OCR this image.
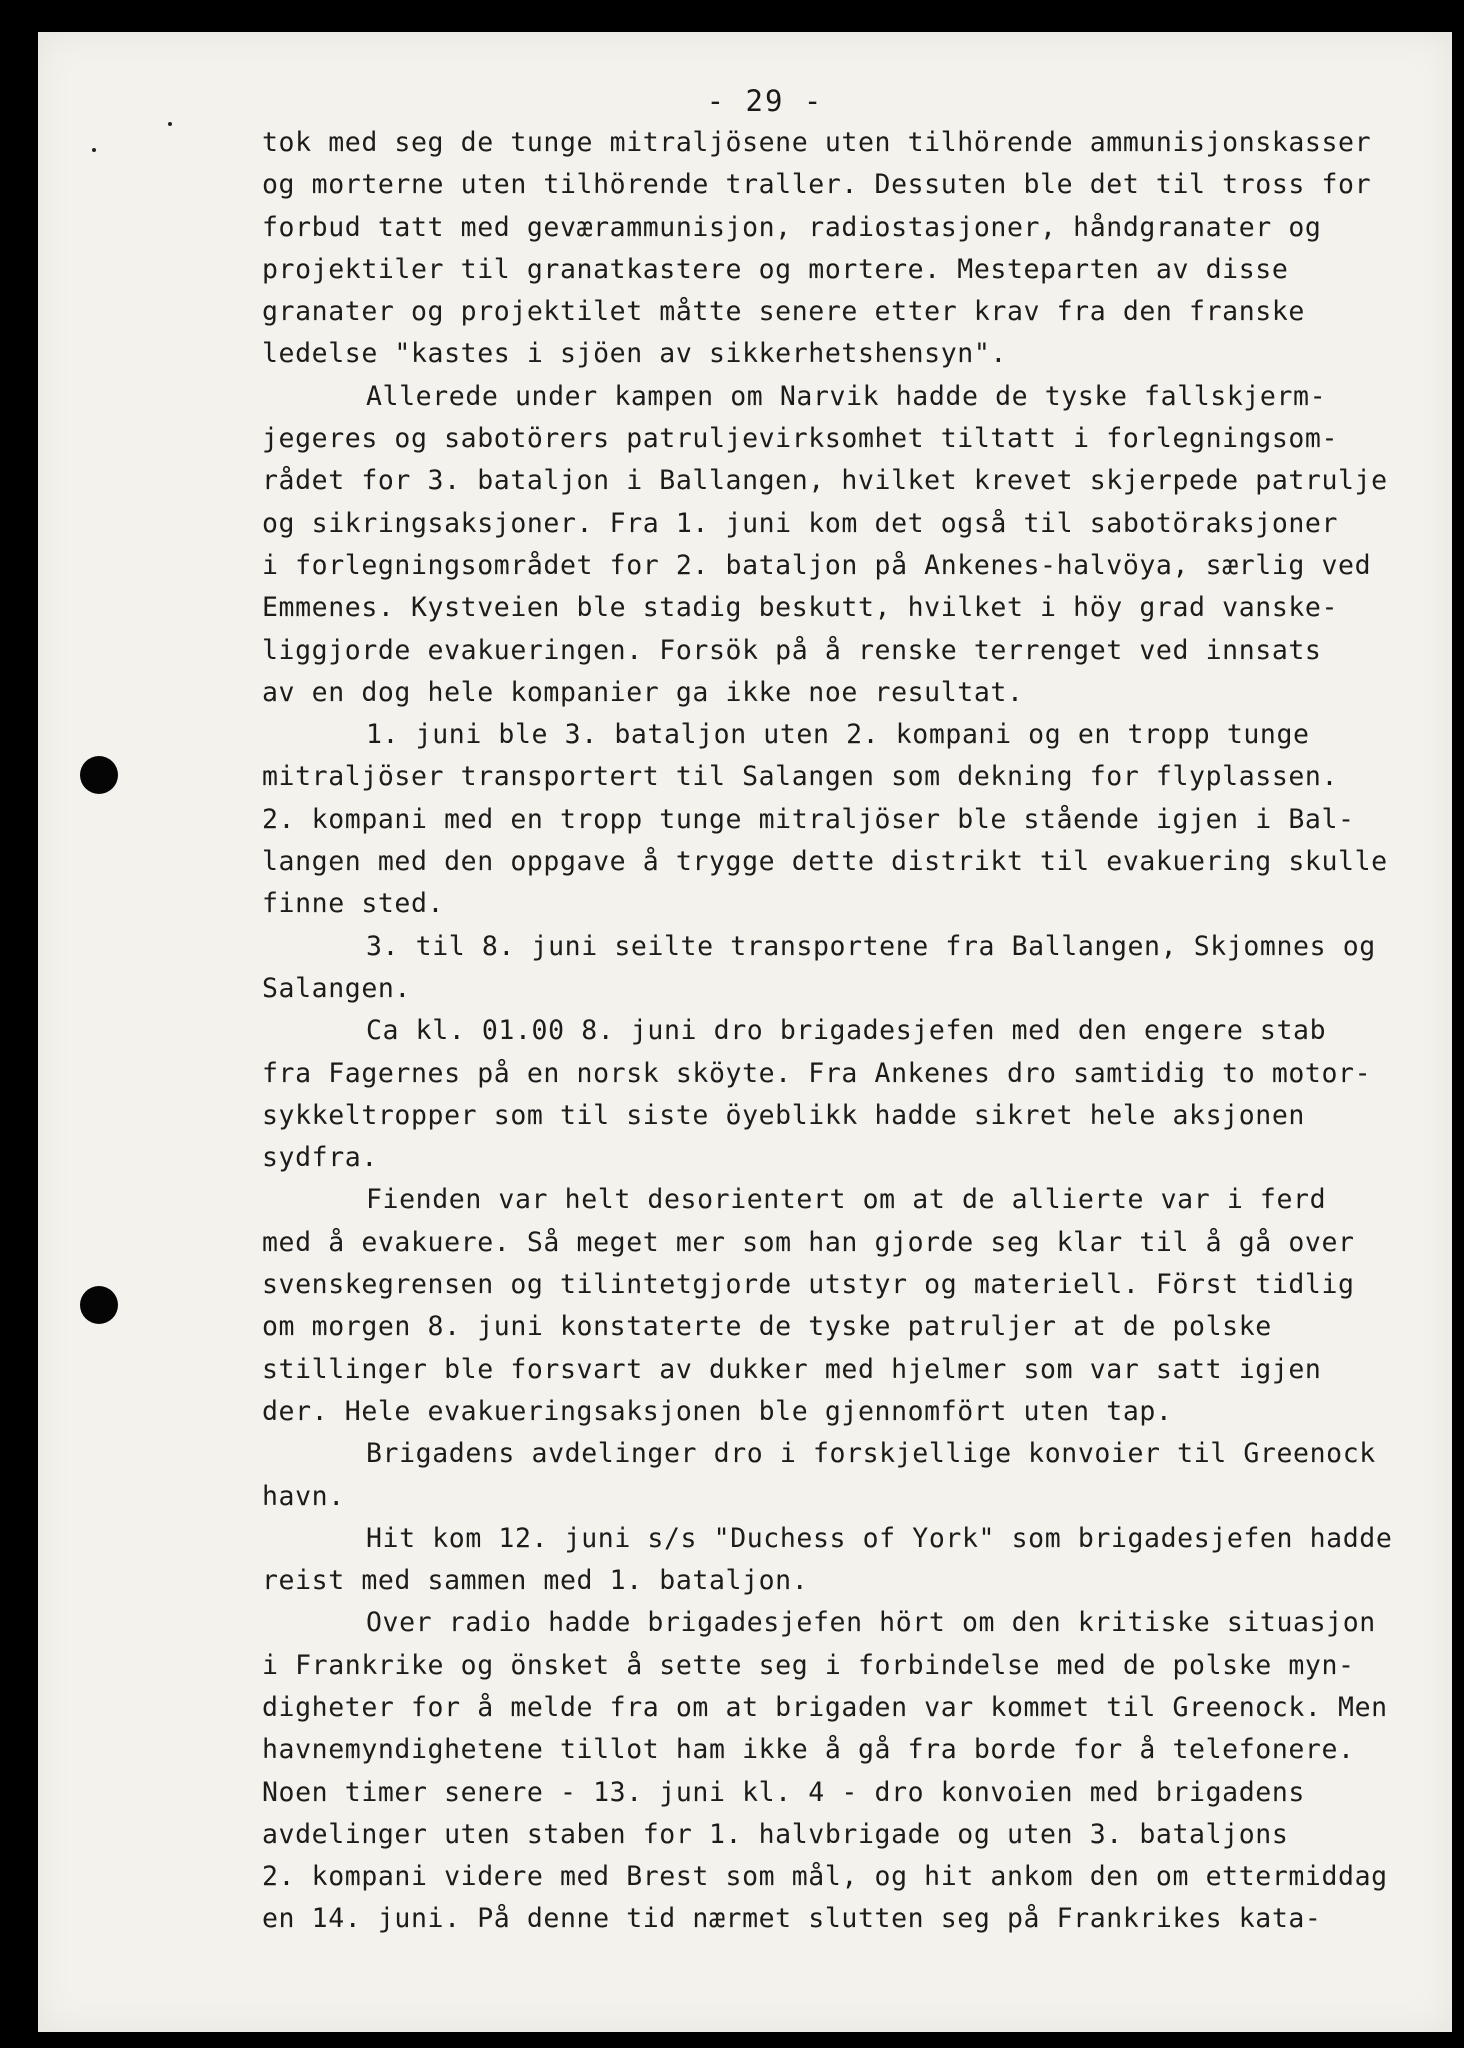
- 29 -
tok med seg de tunge mitraljösene uten tilhörende ammunisjonskasser
og morterne uten tilhörende traller. Dessuten ble det til tross for
forbud tatt med geværammunisjon, radiostasjoner, håndgranater og
projektiler til granatkastere og mortere. Mesteparten av disse
granater og projektilet måtte senere etter krav fra den franske
ledelse "kastes i sjöen av sikkerhetshensyn".
Allerede under kampen om Narvik hadde de tyske fallskjerm-
jegeres og sabotörers patruljevirksomhet tiltatt i forlegningsom-
rådet for 3. bataljon i Ballangen, hvilket krevet skjerpede patrulje
og sikringsaksjoner. Fra 1. juni kom det også til sabotöraksjoner
i forlegningsområdet for 2. bataljon på Ankenes-halvöya, særlig ved
Emmenes. Kystveien ble stadig beskutt, hvilket i höy grad vanske-
liggjorde evakueringen. Forsök på å renske terrenget ved innsats
av en dog hele kompanier ga ikke noe resultat.
1. juni ble 3. bataljon uten 2. kompani og en tropp tunge
mitraljöser transportert til Salangen som dekning for flyplassen.
2. kompani med en tropp tunge mitraljöser ble stående igjen i Bal-
langen med den oppgave å trygge dette distrikt til evakuering skulle
finne sted.
3. til 8. juni seilte transportene fra Ballangen, Skjomnes og
Salangen.
Ca kl. 01.00 8. juni dro brigadesjefen med den engere stab
fra Fagernes på en norsk sköyte. Fra Ankenes dro samtidig to motor-
sykkeltropper som til siste öyeblikk hadde sikret hele aksjonen
sydfra.
Fienden var helt desorientert om at de allierte var i ferd
med å evakuere. Så meget mer som han gjorde seg klar til å gå over
svenskegrensen og tilintetgjorde utstyr og materiell. Först tidlig
om morgen 8. juni konstaterte de tyske patruljer at de polske
stillinger ble forsvart av dukker med hjelmer som var satt igjen
der. Hele evakueringsaksjonen ble gjennomfört uten tap.
Brigadens avdelinger dro i forskjellige konvoier til Greenock
havn.
Hit kom 12. juni s/s "Duchess of York" som brigadesjefen hadde
reist med sammen med 1. bataljon.
Over radio hadde brigadesjefen hört om den kritiske situasjon
i Frankrike og önsket å sette seg i forbindelse med de polske myn-
digheter for å melde fra om at brigaden var kommet til Greenock. Men
havnemyndighetene tillot ham ikke å gå fra borde for å telefonere.
Noen timer senere - 13. juni kl. 4 - dro konvoien med brigadens
avdelinger uten staben for 1. halvbrigade og uten 3. bataljons
2. kompani videre med Brest som mål, og hit ankom den om ettermiddag
en 14. juni. På denne tid nærmet slutten seg på Frankrikes kata-
